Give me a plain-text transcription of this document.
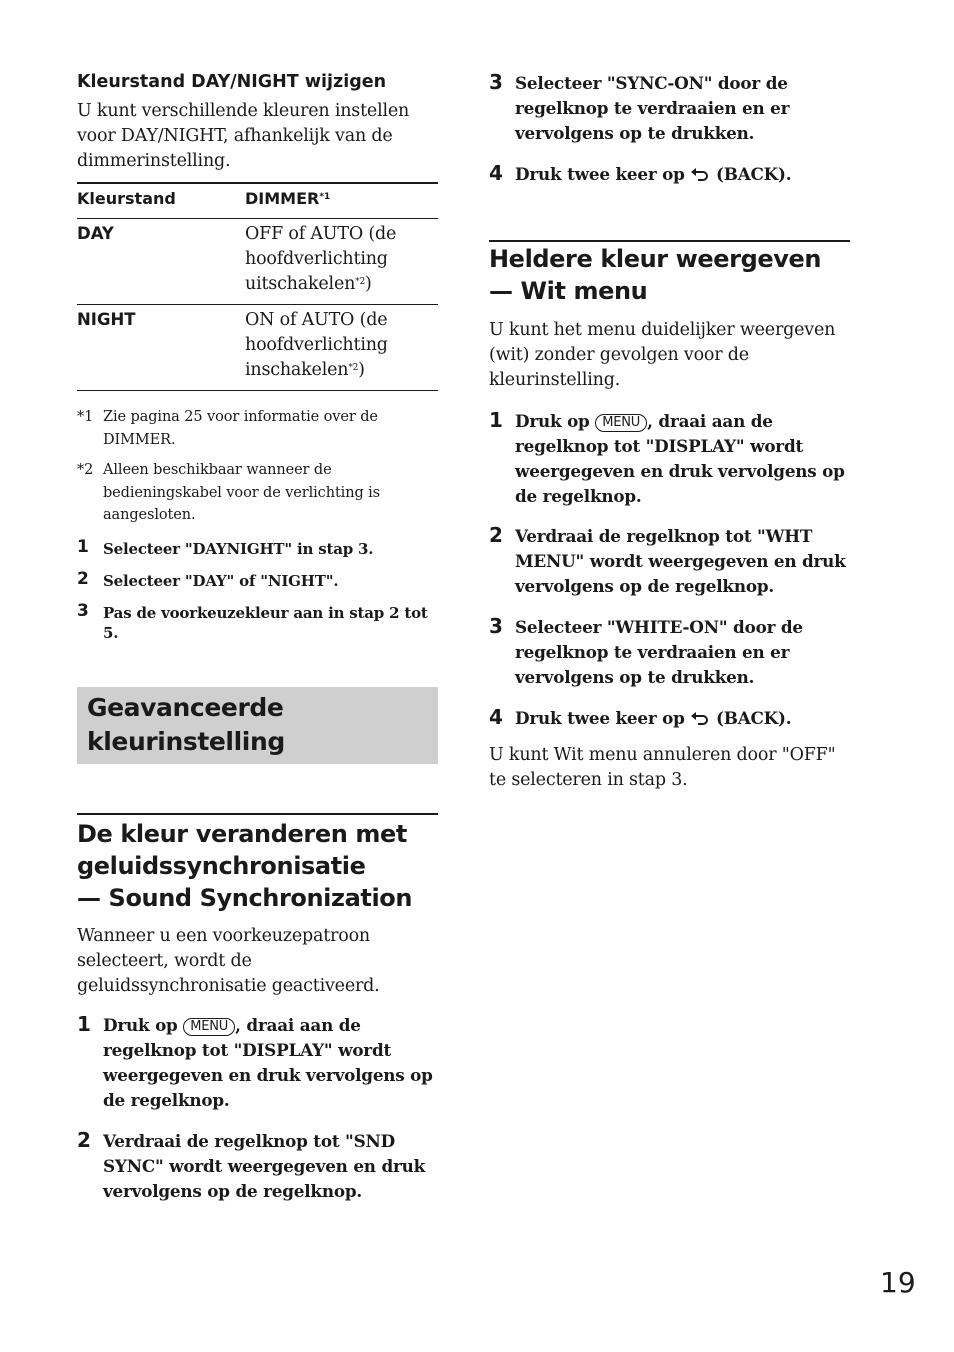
Kleurstand DAY/NIGHT wijzigen
U kunt verschillende kleuren instellen voor DAY/NIGHT, afhankelijk van de dimmerinstelling.
Kleurstand	DIMMER$^{*1}$
DAY	OFF of AUTO (de hoofdverlichting uitschakelen$^{*2}$)
NIGHT	ON of AUTO (de hoofdverlichting inschakelen$^{*2}$)
*1 Zie pagina 25 voor informatie over de DIMMER.
*2 Alleen beschikbaar wanneer de bedieningskabel voor de verlichting is aangesloten.
1 Selecteer "DAYNIGHT" in stap 3.
2 Selecteer "DAY" of "NIGHT".
3 Pas de voorkeuzekleur aan in stap 2 tot 5.
Geavanceerde kleurinstelling
De kleur veranderen met
geluidssynchronisatie
— Sound Synchronization
Wanneer u een voorkeuzepatroon selecteert, wordt de geluidssynchronisatie geactiveerd.
1 Druk op MENU , draai aan de regelknop tot "DISPLAY" wordt weergegeven en druk vervolgens op de regelknop.
2 Verdraai de regelknop tot "SND SYNC" wordt weergegeven en druk vervolgens op de regelknop.
3 Selecteer "SYNC-ON" door de regelknop te verdraaien en er vervolgens op te drukken.
4 Druk twee keer op (BACK).
Heldere kleur weergeven
— Wit menu
U kunt het menu duidelijker weergeven (wit) zonder gevolgen voor de kleurinstelling.
1 Druk op MENU , draai aan de regelknop tot "DISPLAY" wordt weergegeven en druk vervolgens op de regelknop.
2 Verdraai de regelknop tot "WHT MENU" wordt weergegeven en druk vervolgens op de regelknop.
3 Selecteer "WHITE-ON" door de regelknop te verdraaien en er vervolgens op te drukken.
4 Druk twee keer op (BACK).
U kunt Wit menu annuleren door "OFF" te selecteren in stap 3.
19
